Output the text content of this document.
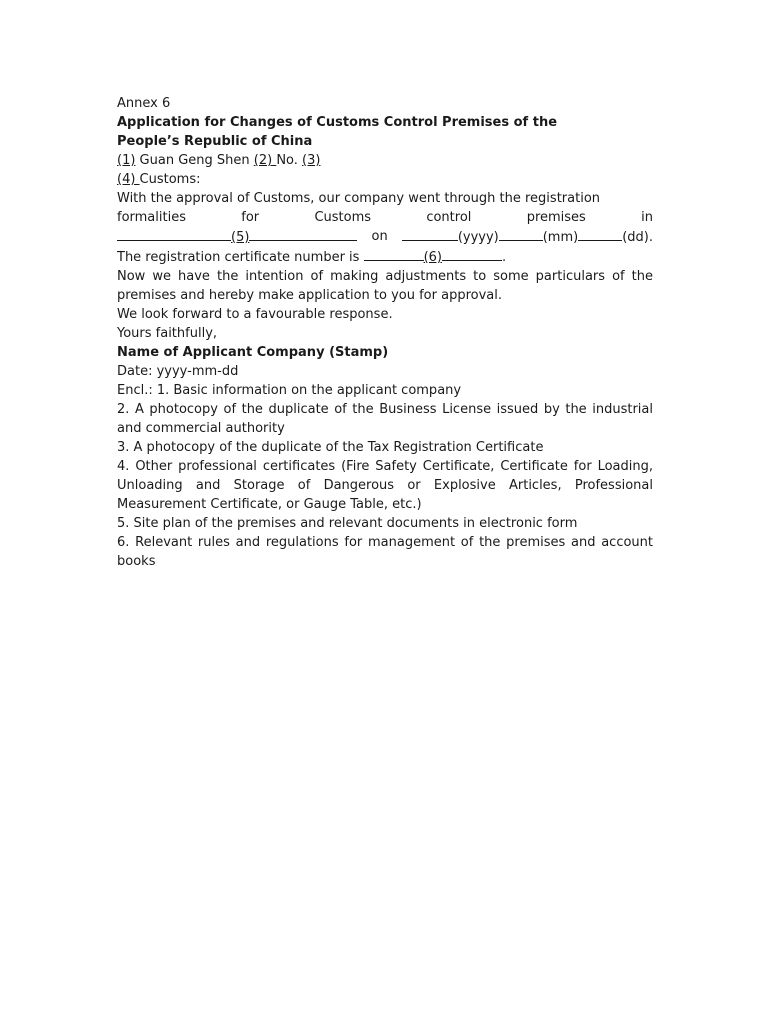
Annex 6
Application for Changes of Customs Control Premises of the
People’s Republic of China
(1) Guan Geng Shen (2) No. (3)
(4) Customs:
With the approval of Customs, our company went through the registration
formalities	for	Customs	control	premises	in
(5)	on	(yyyy)	(mm)	(dd).
The registration certificate number is	(6)	.
Now we have the intention of making adjustments to some particulars of the premises and hereby make application to you for approval.
We look forward to a favourable response.
Yours faithfully,
Name of Applicant Company (Stamp)
Date: yyyy-mm-dd
Encl.: 1. Basic information on the applicant company
2. A photocopy of the duplicate of the Business License issued by the industrial and commercial authority
3. A photocopy of the duplicate of the Tax Registration Certificate
4. Other professional certificates (Fire Safety Certificate, Certificate for Loading, Unloading and Storage of Dangerous or Explosive Articles, Professional Measurement Certificate, or Gauge Table, etc.)
5. Site plan of the premises and relevant documents in electronic form
6. Relevant rules and regulations for management of the premises and account books
